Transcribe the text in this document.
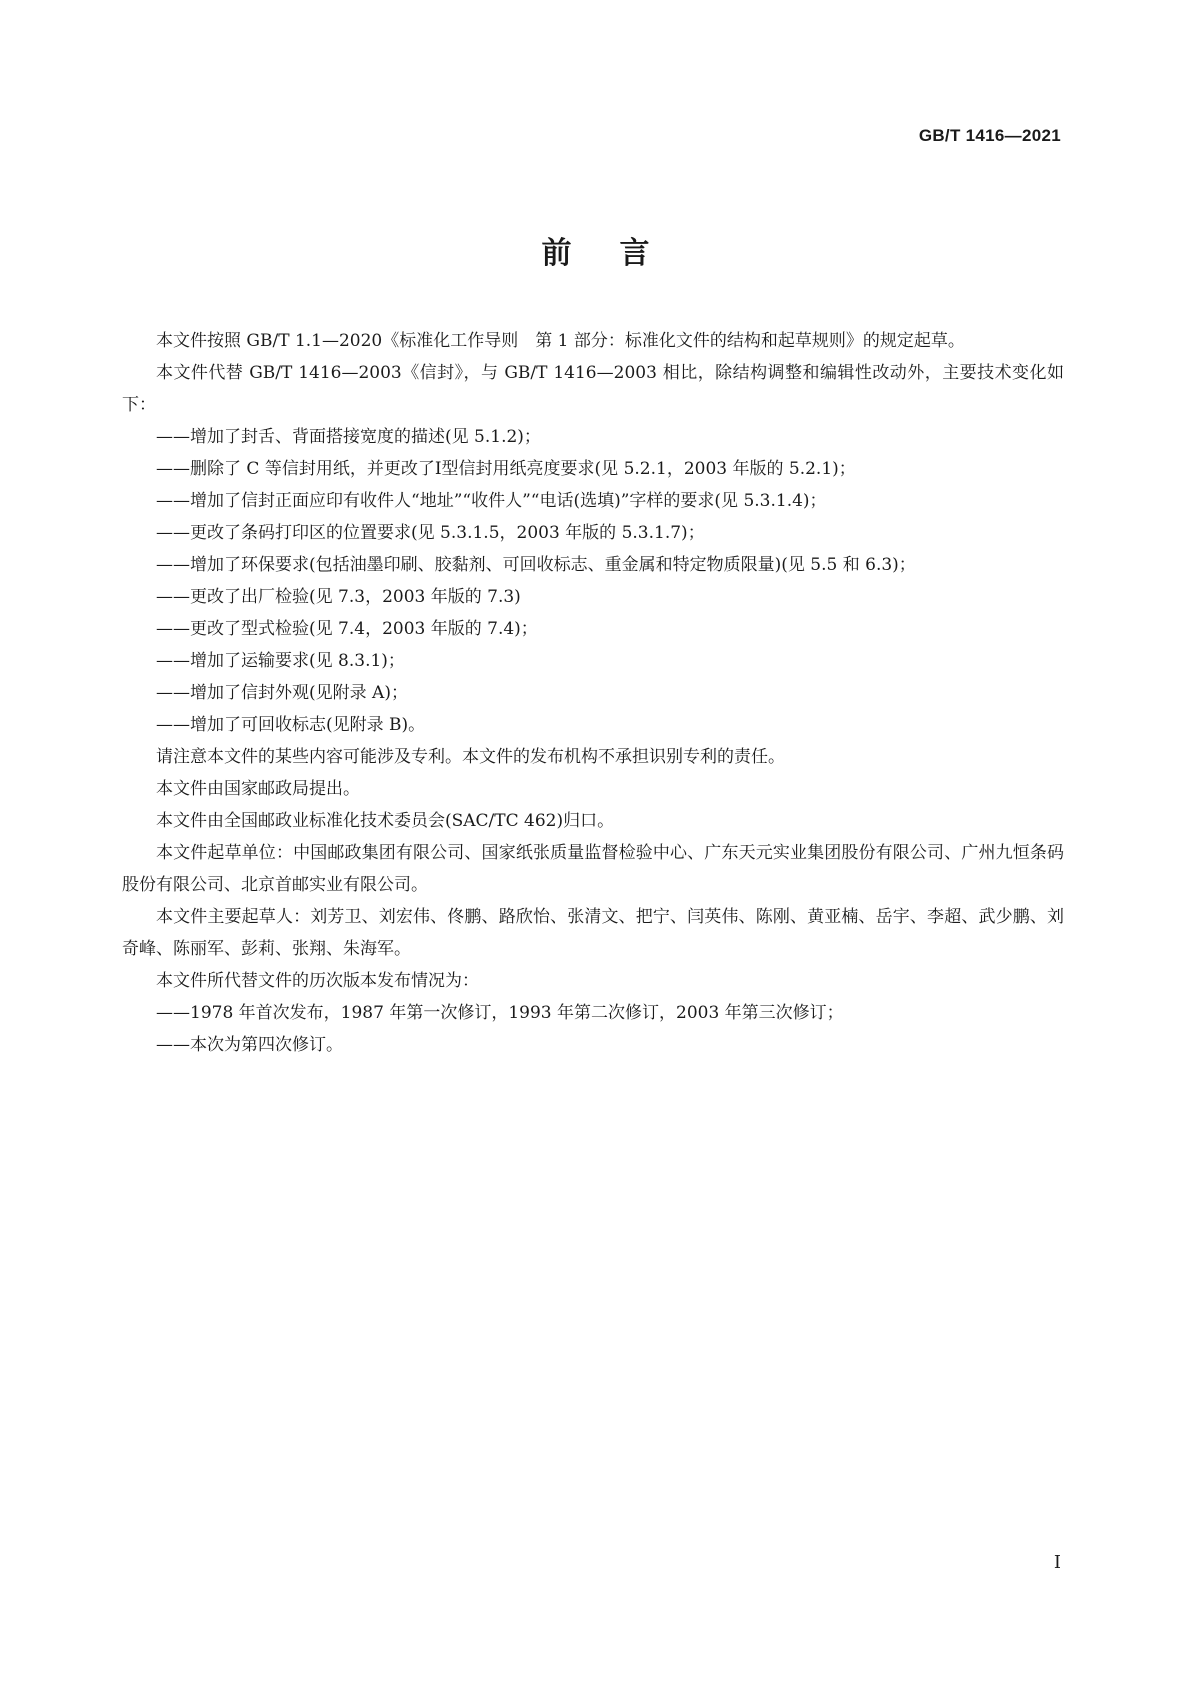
GB/T 1416—2021
前言

本文件按照 GB/T 1.1—2020《标准化工作导则　第 1 部分：标准化文件的结构和起草规则》的规定起草。

本文件代替 GB/T 1416—2003《信封》，与 GB/T 1416—2003 相比，除结构调整和编辑性改动外，主要技术变化如下：

——增加了封舌、背面搭接宽度的描述(见 5.1.2)；

——删除了 C 等信封用纸，并更改了Ⅰ型信封用纸亮度要求(见 5.2.1，2003 年版的 5.2.1)；

——增加了信封正面应印有收件人“地址”“收件人”“电话(选填)”字样的要求(见 5.3.1.4)；

——更改了条码打印区的位置要求(见 5.3.1.5，2003 年版的 5.3.1.7)；

——增加了环保要求(包括油墨印刷、胶黏剂、可回收标志、重金属和特定物质限量)(见 5.5 和 6.3)；

——更改了出厂检验(见 7.3，2003 年版的 7.3)

——更改了型式检验(见 7.4，2003 年版的 7.4)；

——增加了运输要求(见 8.3.1)；

——增加了信封外观(见附录 A)；

——增加了可回收标志(见附录 B)。

请注意本文件的某些内容可能涉及专利。本文件的发布机构不承担识别专利的责任。

本文件由国家邮政局提出。

本文件由全国邮政业标准化技术委员会(SAC/TC 462)归口。

本文件起草单位：中国邮政集团有限公司、国家纸张质量监督检验中心、广东天元实业集团股份有限公司、广州九恒条码股份有限公司、北京首邮实业有限公司。

本文件主要起草人：刘芳卫、刘宏伟、佟鹏、路欣怡、张清文、把宁、闫英伟、陈刚、黄亚楠、岳宇、李超、武少鹏、刘奇峰、陈丽军、彭莉、张翔、朱海军。

本文件所代替文件的历次版本发布情况为：

——1978 年首次发布，1987 年第一次修订，1993 年第二次修订，2003 年第三次修订；

——本次为第四次修订。

I
